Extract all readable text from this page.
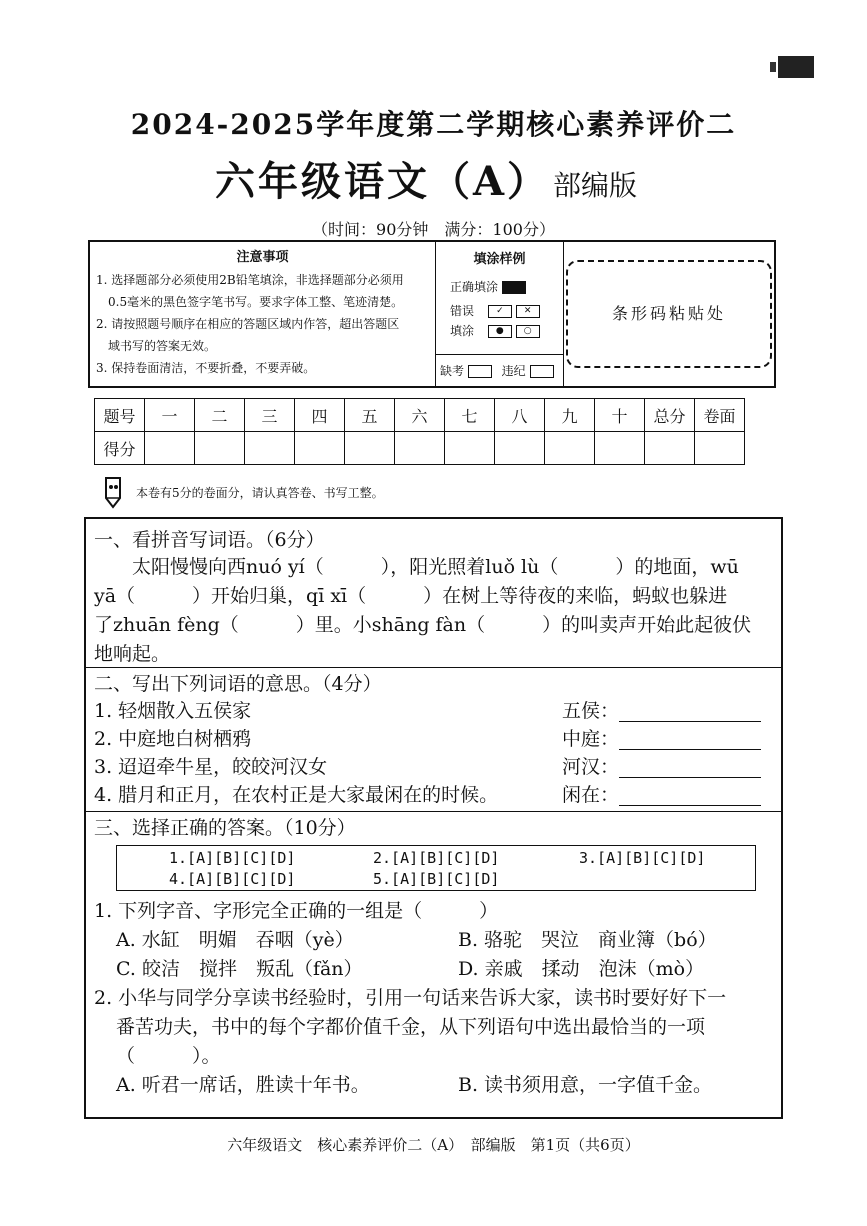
2024-2025学年度第二学期核心素养评价二
六年级语文（A） 部编版
（时间：90分钟　满分：100分）
注意事项
1. 选择题部分必须使用2B铅笔填涂，非选择题部分必须用
0.5毫米的黑色签字笔书写。要求字体工整、笔迹清楚。
2. 请按照题号顺序在相应的答题区域内作答，超出答题区
域书写的答案无效。
3. 保持卷面清洁，不要折叠，不要弄破。
填涂样例
正确填涂
错误 ✓ ✕
填涂 ● ○
缺考	违纪
条形码粘贴处
题号	一	二	三	四	五	六	七	八	九	十	总分	卷面
得分												
本卷有5分的卷面分，请认真答卷、书写工整。
一、看拼音写词语。（6分）
　　太阳慢慢向西nuó yí（　　　），阳光照着luǒ lù（　　　）的地面，wū
yā（　　　）开始归巢，qī xī（　　　）在树上等待夜的来临，蚂蚁也躲进
了zhuān fèng（　　　）里。小shāng fàn（　　　）的叫卖声开始此起彼伏
地响起。
二、写出下列词语的意思。（4分）
1. 轻烟散入五侯家	五侯：
2. 中庭地白树栖鸦	中庭：
3. 迢迢牵牛星，皎皎河汉女	河汉：
4. 腊月和正月，在农村正是大家最闲在的时候。	闲在：
三、选择正确的答案。（10分）
1.[A][B][C][D]	2.[A][B][C][D]	3.[A][B][C][D]
4.[A][B][C][D]	5.[A][B][C][D]
1. 下列字音、字形完全正确的一组是（　　　）
A. 水缸　明媚　吞咽（yè）	B. 骆驼　哭泣　商业簿（bó）
C. 皎洁　搅拌　叛乱（fǎn）	D. 亲戚　揉动　泡沫（mò）
2. 小华与同学分享读书经验时，引用一句话来告诉大家，读书时要好好下一
番苦功夫，书中的每个字都价值千金，从下列语句中选出最恰当的一项
（　　　）。
A. 听君一席话，胜读十年书。	B. 读书须用意，一字值千金。
六年级语文　核心素养评价二（A）　部编版　第1页（共6页）
